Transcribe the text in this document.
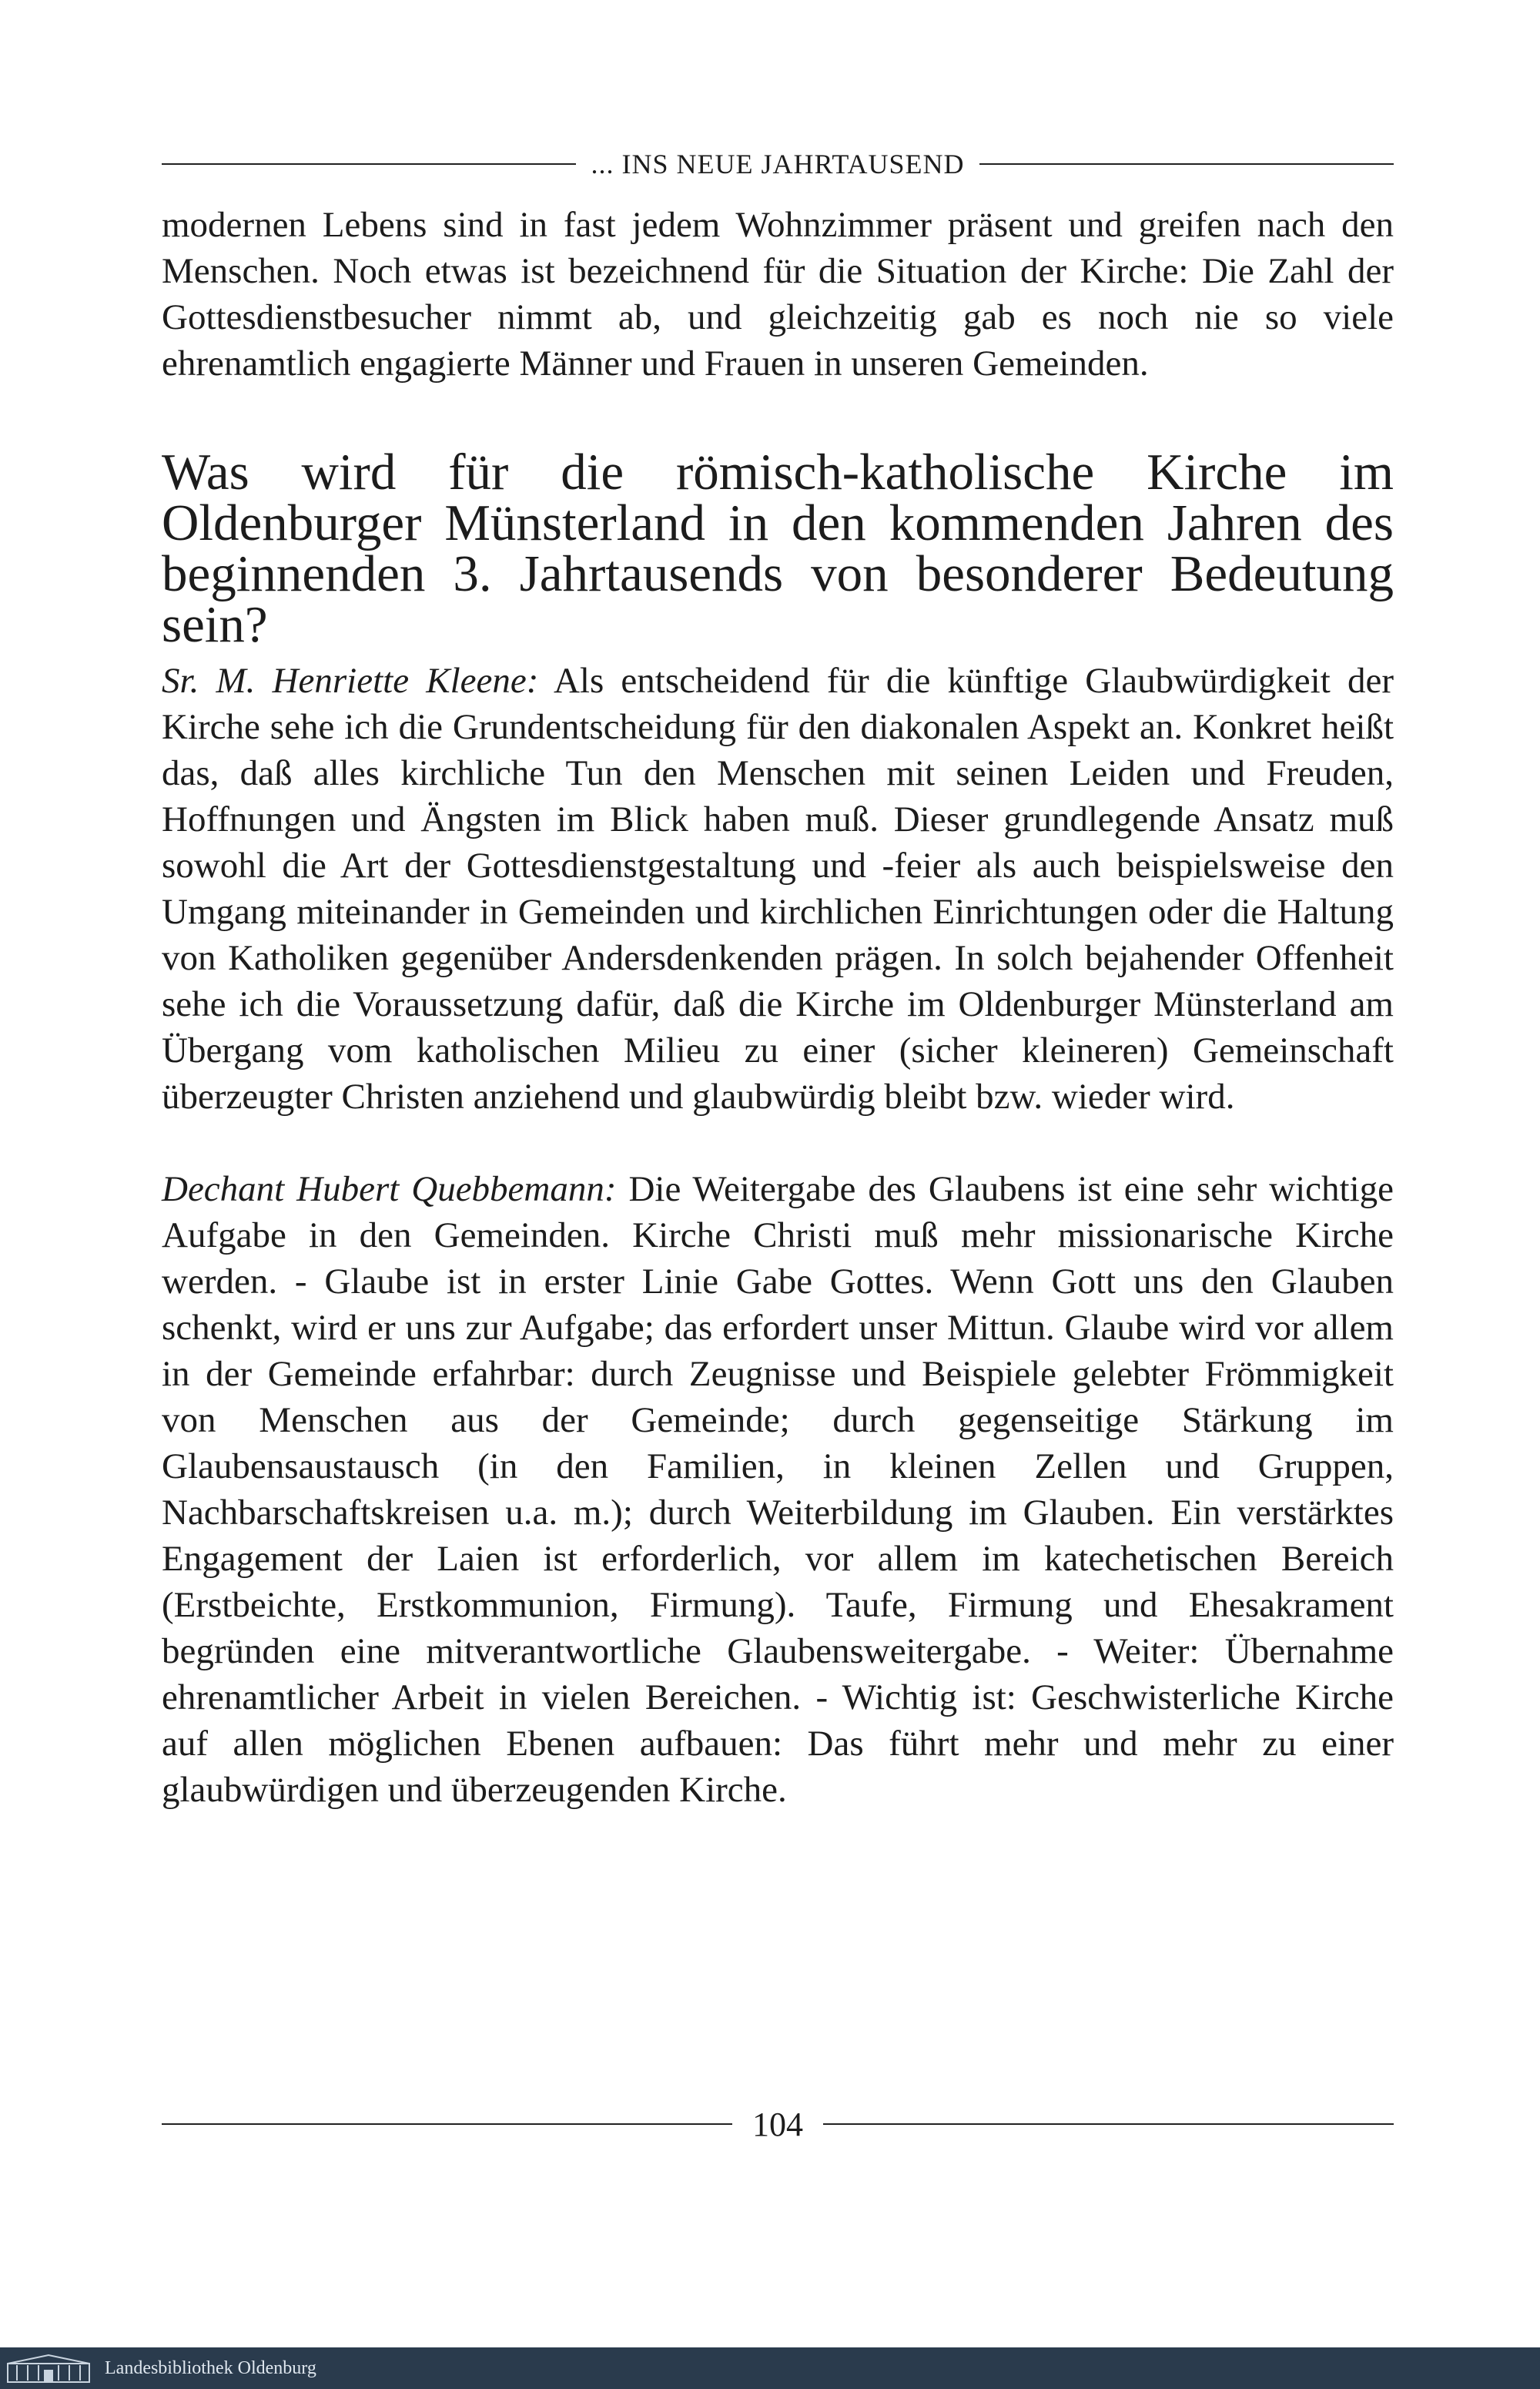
... INS NEUE JAHRTAUSEND

modernen Lebens sind in fast jedem Wohnzimmer präsent und greifen nach den Menschen. Noch etwas ist bezeichnend für die Situation der Kirche: Die Zahl der Gottesdienstbesucher nimmt ab, und gleichzeitig gab es noch nie so viele ehrenamtlich engagierte Männer und Frauen in unseren Gemeinden.

Was wird für die römisch-katholische Kirche im Oldenburger Münsterland in den kommenden Jahren des beginnenden 3. Jahrtausends von besonderer Bedeutung sein?

Sr. M. Henriette Kleene: Als entscheidend für die künftige Glaubwürdigkeit der Kirche sehe ich die Grundentscheidung für den diakonalen Aspekt an. Konkret heißt das, daß alles kirchliche Tun den Menschen mit seinen Leiden und Freuden, Hoffnungen und Ängsten im Blick haben muß. Dieser grundlegende Ansatz muß sowohl die Art der Gottesdienstgestaltung und -feier als auch beispielsweise den Umgang miteinander in Gemeinden und kirchlichen Einrichtungen oder die Haltung von Katholiken gegenüber Andersdenkenden prägen. In solch bejahender Offenheit sehe ich die Voraussetzung dafür, daß die Kirche im Oldenburger Münsterland am Übergang vom katholischen Milieu zu einer (sicher kleineren) Gemeinschaft überzeugter Christen anziehend und glaubwürdig bleibt bzw. wieder wird.

Dechant Hubert Quebbemann: Die Weitergabe des Glaubens ist eine sehr wichtige Aufgabe in den Gemeinden. Kirche Christi muß mehr missionarische Kirche werden. - Glaube ist in erster Linie Gabe Gottes. Wenn Gott uns den Glauben schenkt, wird er uns zur Aufgabe; das erfordert unser Mittun. Glaube wird vor allem in der Gemeinde erfahrbar: durch Zeugnisse und Beispiele gelebter Frömmigkeit von Menschen aus der Gemeinde; durch gegenseitige Stärkung im Glaubensaustausch (in den Familien, in kleinen Zellen und Gruppen, Nachbarschaftskreisen u.a. m.); durch Weiterbildung im Glauben. Ein verstärktes Engagement der Laien ist erforderlich, vor allem im katechetischen Bereich (Erstbeichte, Erstkommunion, Firmung). Taufe, Firmung und Ehesakrament begründen eine mitverantwortliche Glaubensweitergabe. - Weiter: Übernahme ehrenamtlicher Arbeit in vielen Bereichen. - Wichtig ist: Geschwisterliche Kirche auf allen möglichen Ebenen aufbauen: Das führt mehr und mehr zu einer glaubwürdigen und überzeugenden Kirche.

104
Landesbibliothek Oldenburg
